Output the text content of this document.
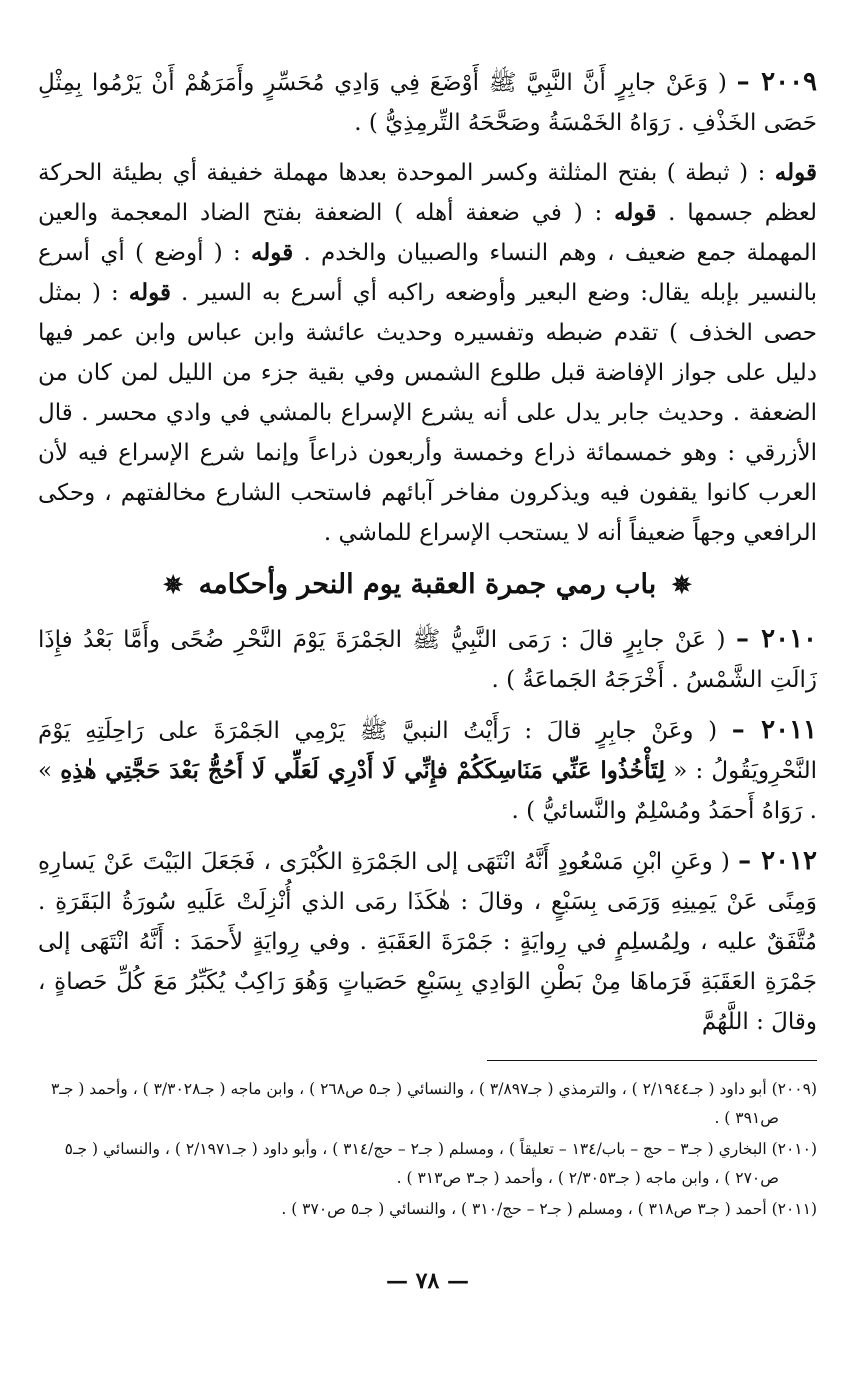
٢٠٠٩ – ( وَعَنْ جابِرٍ أَنَّ النَّبِيَّ ﷺ أَوْضَعَ فِي وَادِي مُحَسِّرٍ وأَمَرَهُمْ أَنْ يَرْمُوا بِمِثْلِ حَصَى الخَذْفِ . رَوَاهُ الخَمْسَةُ وصَحَّحَهُ التِّرمِذِيُّ ) .

قوله : ( ثبطة ) بفتح المثلثة وكسر الموحدة بعدها مهملة خفيفة أي بطيئة الحركة لعظم جسمها . قوله : ( في ضعفة أهله ) الضعفة بفتح الضاد المعجمة والعين المهملة جمع ضعيف ، وهم النساء والصبيان والخدم . قوله : ( أوضع ) أي أسرع بالنسير بإبله يقال: وضع البعير وأوضعه راكبه أي أسرع به السير . قوله : ( بمثل حصى الخذف ) تقدم ضبطه وتفسيره وحديث عائشة وابن عباس وابن عمر فيها دليل على جواز الإفاضة قبل طلوع الشمس وفي بقية جزء من الليل لمن كان من الضعفة . وحديث جابر يدل على أنه يشرع الإسراع بالمشي في وادي محسر . قال الأزرقي : وهو خمسمائة ذراع وخمسة وأربعون ذراعاً وإنما شرع الإسراع فيه لأن العرب كانوا يقفون فيه ويذكرون مفاخر آبائهم فاستحب الشارع مخالفتهم ، وحكى الرافعي وجهاً ضعيفاً أنه لا يستحب الإسراع للماشي .

✵ باب رمي جمرة العقبة يوم النحر وأحكامه ✵

٢٠١٠ – ( عَنْ جابِرٍ قالَ : رَمَى النَّبِيُّ ﷺ الجَمْرَةَ يَوْمَ النَّحْرِ ضُحًى وأَمَّا بَعْدُ فإِذَا زَالَتِ الشَّمْسُ . أَخْرَجَهُ الجَماعَةُ ) .

٢٠١١ – ( وعَنْ جابِرٍ قالَ : رَأَيْتُ النبيَّ ﷺ يَرْمِي الجَمْرَةَ على رَاحِلَتِهِ يَوْمَ النَّحْرِويَقُولُ : « لِتَأْخُذُوا عَنِّي مَنَاسِكَكُمْ فإِنِّي لَا أَدْرِي لَعَلِّي لَا أَحُجُّ بَعْدَ حَجَّتِي هٰذِهِ » . رَوَاهُ أَحمَدُ ومُسْلِمٌ والنَّسائيُّ ) .

٢٠١٢ – ( وعَنِ ابْنِ مَسْعُودٍ أَنَّهُ انْتَهَى إلى الجَمْرَةِ الكُبْرَى ، فَجَعَلَ البَيْتَ عَنْ يَسارِهِ وَمِنًى عَنْ يَمِينِهِ وَرَمَى بِسَبْعٍ ، وقالَ : هٰكَذَا رمَى الذي أُنْزِلَتْ عَلَيهِ سُورَةُ البَقَرَةِ . مُتَّفَقٌ عليه ، ولِمُسلِمٍ في رِوايَةٍ : جَمْرَةَ العَقَبَةِ . وفي رِوايَةٍ لأَحمَدَ : أَنَّهُ انْتَهَى إلى جَمْرَةِ العَقَبَةِ فَرَماهَا مِنْ بَطْنِ الوَادِي بِسَبْعِ حَصَياتٍ وَهُوَ رَاكِبٌ يُكَبِّرُ مَعَ كُلِّ حَصاةٍ ، وقالَ : اللَّهُمَّ

(٢٠٠٩) أبو داود ( جـ٢/١٩٤٤ ) ، والترمذي ( جـ٣/٨٩٧ ) ، والنسائي ( جـ٥ ص٢٦٨ ) ، وابن ماجه ( جـ٣/٣٠٢٨ ) ، وأحمد ( جـ٣ ص٣٩١ ) .

(٢٠١٠) البخاري ( جـ٣ – حج – باب/١٣٤ – تعليقاً ) ، ومسلم ( جـ٢ – حج/٣١٤ ) ، وأبو داود ( جـ٢/١٩٧١ ) ، والنسائي ( جـ٥ ص٢٧٠ ) ، وابن ماجه ( جـ٢/٣٠٥٣ ) ، وأحمد ( جـ٣ ص٣١٣ ) .

(٢٠١١) أحمد ( جـ٣ ص٣١٨ ) ، ومسلم ( جـ٢ – حج/٣١٠ ) ، والنسائي ( جـ٥ ص٣٧٠ ) .

— ٧٨ —
